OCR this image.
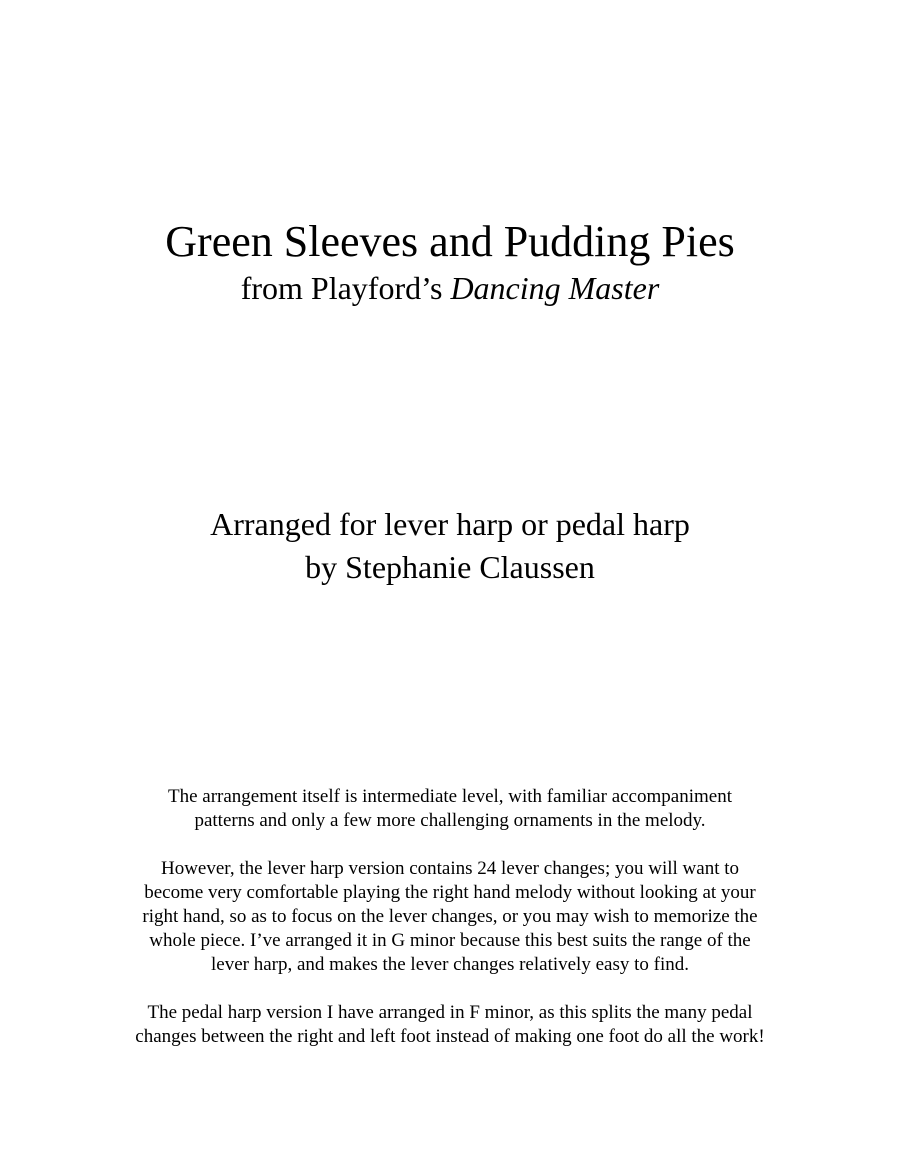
Green Sleeves and Pudding Pies

from Playford’s Dancing Master

Arranged for lever harp or pedal harp

by Stephanie Claussen

The arrangement itself is intermediate level, with familiar accompaniment
patterns and only a few more challenging ornaments in the melody.

However, the lever harp version contains 24 lever changes; you will want to
become very comfortable playing the right hand melody without looking at your
right hand, so as to focus on the lever changes, or you may wish to memorize the
whole piece. I’ve arranged it in G minor because this best suits the range of the
lever harp, and makes the lever changes relatively easy to find.

The pedal harp version I have arranged in F minor, as this splits the many pedal
changes between the right and left foot instead of making one foot do all the work!
